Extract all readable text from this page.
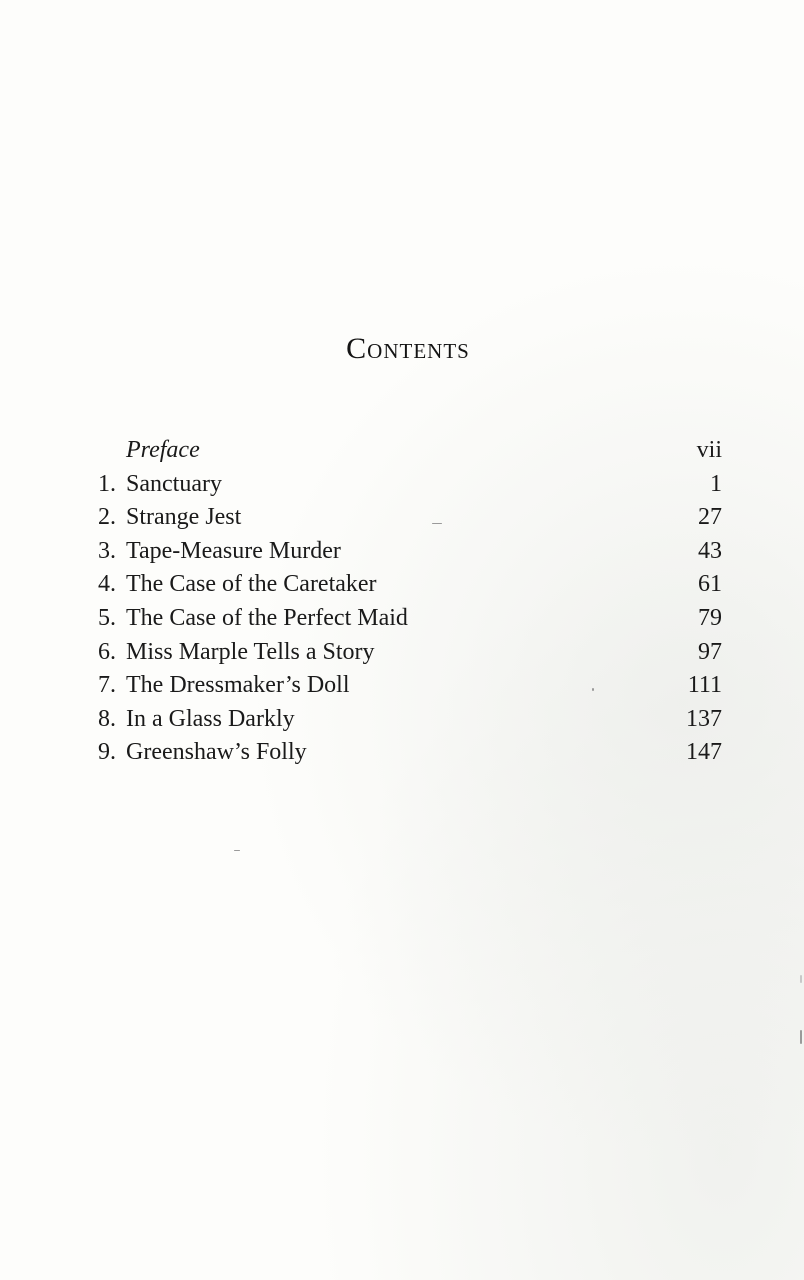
Contents
Preface	vii
1. Sanctuary	1
2. Strange Jest	27
3. Tape-Measure Murder	43
4. The Case of the Caretaker	61
5. The Case of the Perfect Maid	79
6. Miss Marple Tells a Story	97
7. The Dressmaker’s Doll	111
8. In a Glass Darkly	137
9. Greenshaw’s Folly	147
